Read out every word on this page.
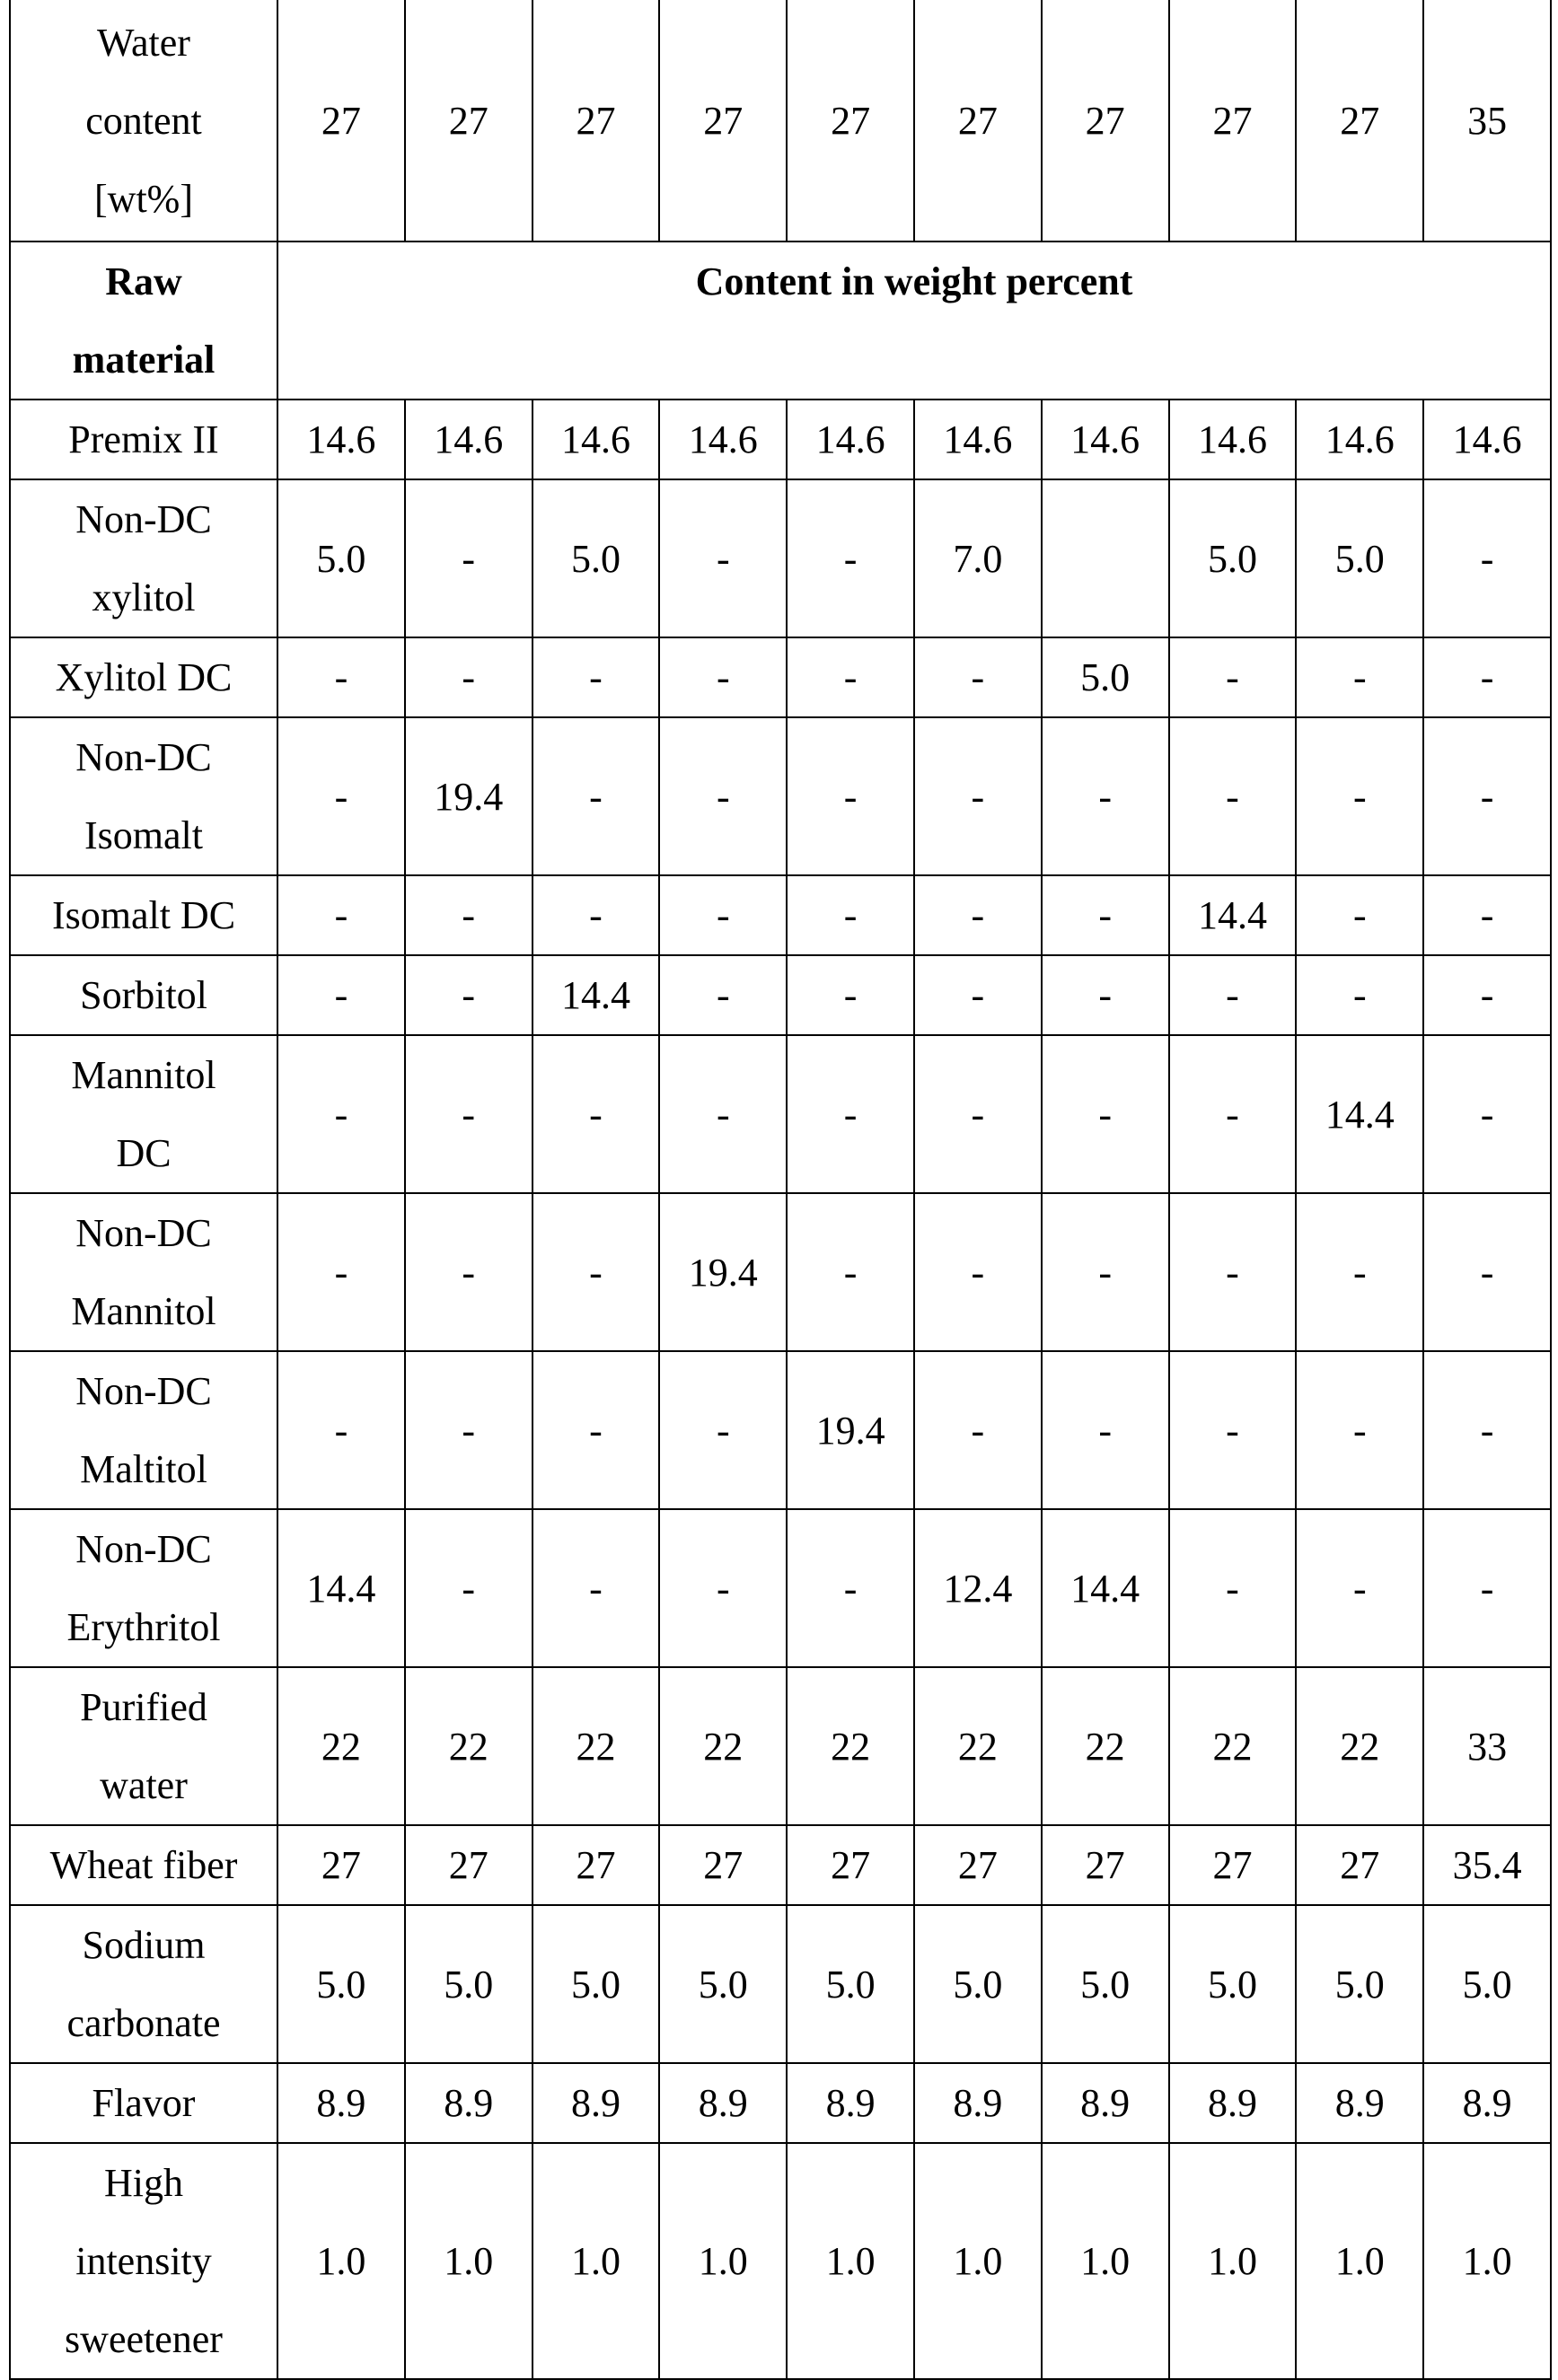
Water
content
[wt%]	27	27	27	27	27	27	27	27	27	35
Raw
material	Content in weight percent
Premix II	14.6	14.6	14.6	14.6	14.6	14.6	14.6	14.6	14.6	14.6
Non-DC
xylitol	5.0	-	5.0	-	-	7.0		5.0	5.0	-
Xylitol DC	-	-	-	-	-	-	5.0	-	-	-
Non-DC
Isomalt	-	19.4	-	-	-	-	-	-	-	-
Isomalt DC	-	-	-	-	-	-	-	14.4	-	-
Sorbitol	-	-	14.4	-	-	-	-	-	-	-
Mannitol
DC	-	-	-	-	-	-	-	-	14.4	-
Non-DC
Mannitol	-	-	-	19.4	-	-	-	-	-	-
Non-DC
Maltitol	-	-	-	-	19.4	-	-	-	-	-
Non-DC
Erythritol	14.4	-	-	-	-	12.4	14.4	-	-	-
Purified
water	22	22	22	22	22	22	22	22	22	33
Wheat fiber	27	27	27	27	27	27	27	27	27	35.4
Sodium
carbonate	5.0	5.0	5.0	5.0	5.0	5.0	5.0	5.0	5.0	5.0
Flavor	8.9	8.9	8.9	8.9	8.9	8.9	8.9	8.9	8.9	8.9
High
intensity
sweetener	1.0	1.0	1.0	1.0	1.0	1.0	1.0	1.0	1.0	1.0
